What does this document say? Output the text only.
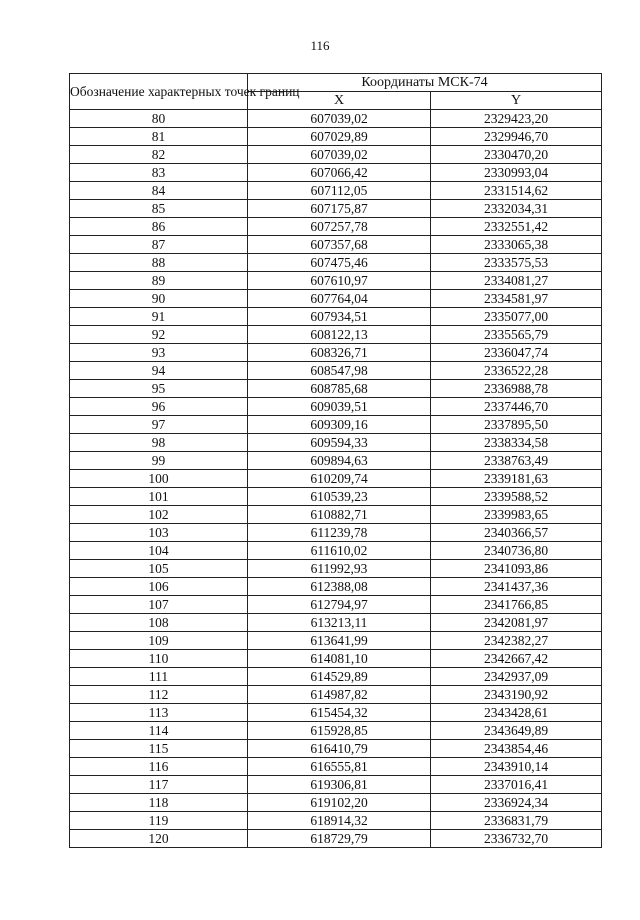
116
Обозначение характерных точек границ	Координаты МСК-74	
	X	Y
80	607039,02	2329423,20
81	607029,89	2329946,70
82	607039,02	2330470,20
83	607066,42	2330993,04
84	607112,05	2331514,62
85	607175,87	2332034,31
86	607257,78	2332551,42
87	607357,68	2333065,38
88	607475,46	2333575,53
89	607610,97	2334081,27
90	607764,04	2334581,97
91	607934,51	2335077,00
92	608122,13	2335565,79
93	608326,71	2336047,74
94	608547,98	2336522,28
95	608785,68	2336988,78
96	609039,51	2337446,70
97	609309,16	2337895,50
98	609594,33	2338334,58
99	609894,63	2338763,49
100	610209,74	2339181,63
101	610539,23	2339588,52
102	610882,71	2339983,65
103	611239,78	2340366,57
104	611610,02	2340736,80
105	611992,93	2341093,86
106	612388,08	2341437,36
107	612794,97	2341766,85
108	613213,11	2342081,97
109	613641,99	2342382,27
110	614081,10	2342667,42
111	614529,89	2342937,09
112	614987,82	2343190,92
113	615454,32	2343428,61
114	615928,85	2343649,89
115	616410,79	2343854,46
116	616555,81	2343910,14
117	619306,81	2337016,41
118	619102,20	2336924,34
119	618914,32	2336831,79
120	618729,79	2336732,70
